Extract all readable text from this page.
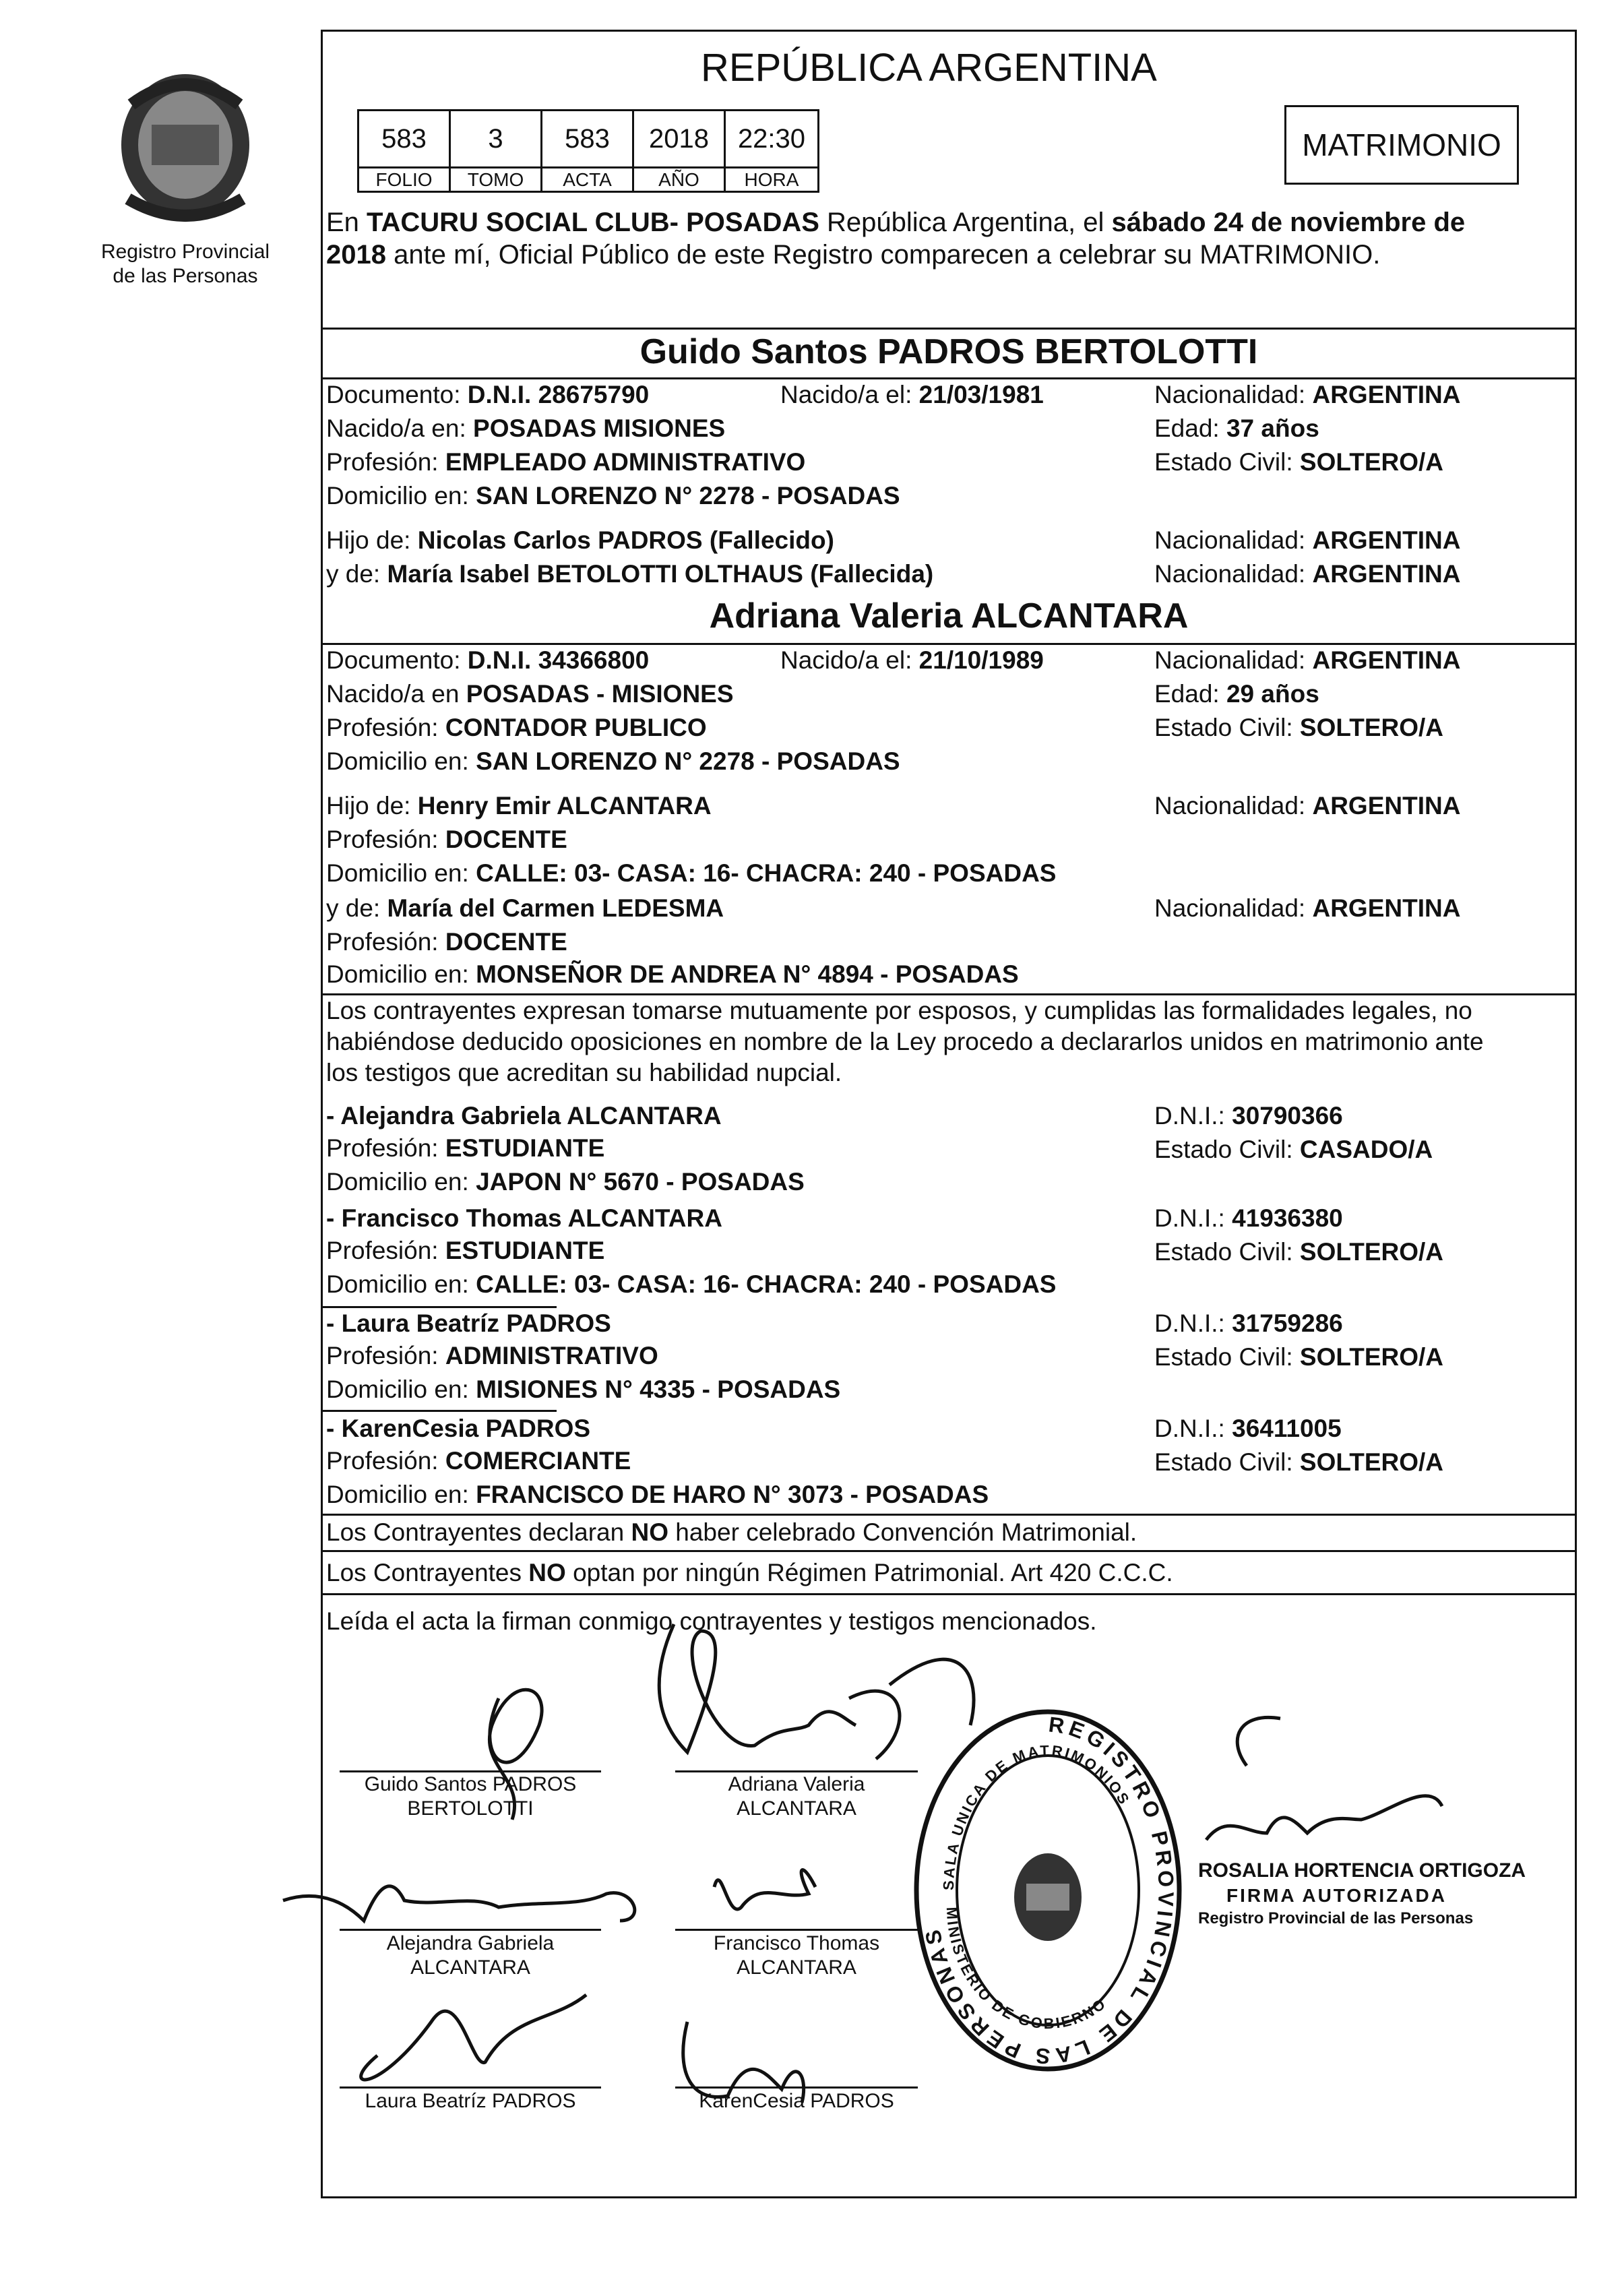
Registro Provincial
de las Personas
REPÚBLICA ARGENTINA
583	3	583	2018	22:30
FOLIO	TOMO	ACTA	AÑO	HORA
MATRIMONIO
En TACURU SOCIAL CLUB- POSADAS República Argentina, el sábado 24 de noviembre de
2018 ante mí, Oficial Público de este Registro comparecen a celebrar su MATRIMONIO.
Guido Santos PADROS BERTOLOTTI
Documento: D.N.I. 28675790	Nacido/a el: 21/03/1981	Nacionalidad: ARGENTINA
Nacido/a en: POSADAS MISIONES	Edad: 37 años
Profesión: EMPLEADO ADMINISTRATIVO	Estado Civil: SOLTERO/A
Domicilio en: SAN LORENZO N° 2278 - POSADAS
Hijo de: Nicolas Carlos PADROS (Fallecido)	Nacionalidad: ARGENTINA
y de: María Isabel BETOLOTTI OLTHAUS (Fallecida)	Nacionalidad: ARGENTINA
Adriana Valeria ALCANTARA
Documento: D.N.I. 34366800	Nacido/a el: 21/10/1989	Nacionalidad: ARGENTINA
Nacido/a en POSADAS - MISIONES	Edad: 29 años
Profesión: CONTADOR PUBLICO	Estado Civil: SOLTERO/A
Domicilio en: SAN LORENZO N° 2278 - POSADAS
Hijo de: Henry Emir ALCANTARA	Nacionalidad: ARGENTINA
Profesión: DOCENTE
Domicilio en: CALLE: 03- CASA: 16- CHACRA: 240 - POSADAS
y de: María del Carmen LEDESMA	Nacionalidad: ARGENTINA
Profesión: DOCENTE
Domicilio en: MONSEÑOR DE ANDREA N° 4894 - POSADAS
Los contrayentes expresan tomarse mutuamente por esposos, y cumplidas las formalidades legales, no
habiéndose deducido oposiciones en nombre de la Ley procedo a declararlos unidos en matrimonio ante
los testigos que acreditan su habilidad nupcial.
- Alejandra Gabriela ALCANTARA	D.N.I.: 30790366
Profesión: ESTUDIANTE	Estado Civil: CASADO/A
Domicilio en: JAPON N° 5670 - POSADAS
- Francisco Thomas ALCANTARA	D.N.I.: 41936380
Profesión: ESTUDIANTE	Estado Civil: SOLTERO/A
Domicilio en: CALLE: 03- CASA: 16- CHACRA: 240 - POSADAS
- Laura Beatríz PADROS	D.N.I.: 31759286
Profesión: ADMINISTRATIVO	Estado Civil: SOLTERO/A
Domicilio en: MISIONES N° 4335 - POSADAS
- KarenCesia PADROS	D.N.I.: 36411005
Profesión: COMERCIANTE	Estado Civil: SOLTERO/A
Domicilio en: FRANCISCO DE HARO N° 3073 - POSADAS
Los Contrayentes declaran NO haber celebrado Convención Matrimonial.
Los Contrayentes NO optan por ningún Régimen Patrimonial. Art 420 C.C.C.
Leída el acta la firman conmigo contrayentes y testigos mencionados.
Guido Santos PADROS
BERTOLOTTI
Adriana Valeria
ALCANTARA
Alejandra Gabriela
ALCANTARA
Francisco Thomas
ALCANTARA
Laura Beatríz PADROS	KarenCesia PADROS
REGISTRO PROVINCIAL DE LAS PERSONAS
SALA UNICA DE MATRIMONIOS
MINISTERIO DE GOBIERNO
ROSALIA HORTENCIA ORTIGOZA
FIRMA AUTORIZADA
Registro Provincial de las Personas
